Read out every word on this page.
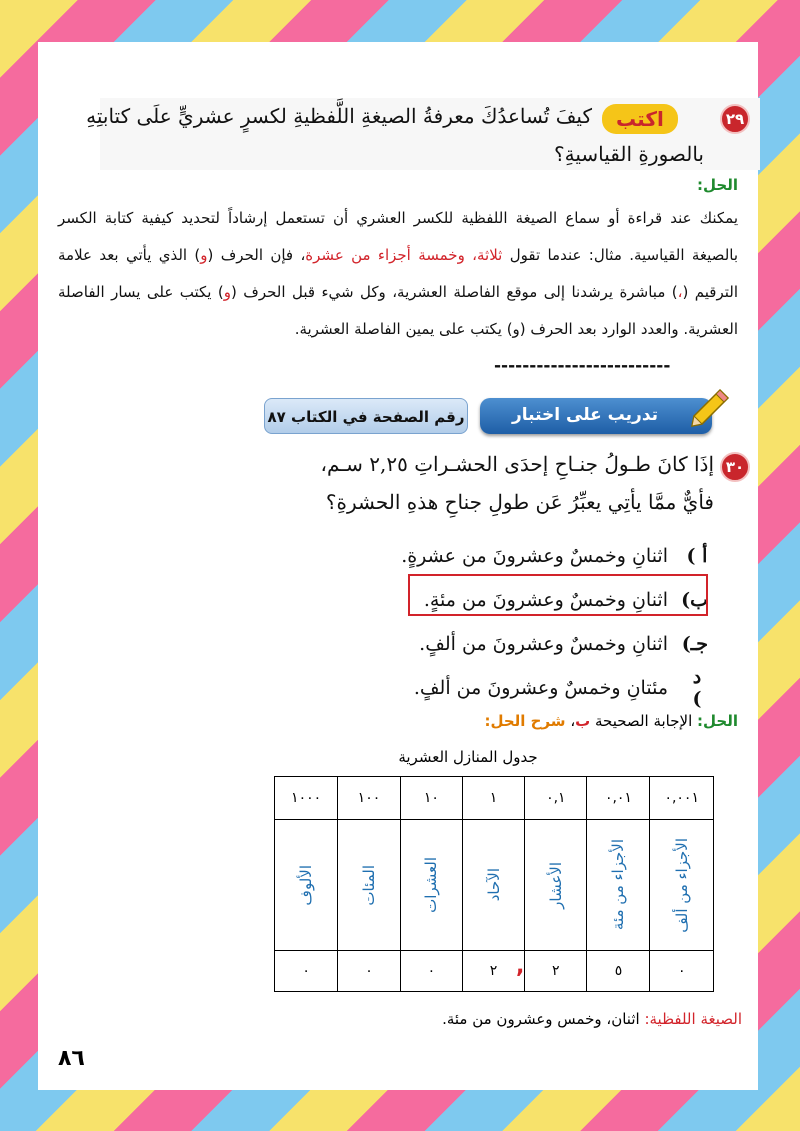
٢٩
اكتب
كيفَ تُساعدُكَ معرفةُ الصيغةِ اللَّفظيةِ لكسرٍ عشريٍّ علَى كتابتِهِ
بالصورةِ القياسيةِ؟
الحل:
يمكنك عند قراءة أو سماع الصيغة اللفظية للكسر العشري أن تستعمل إرشاداً لتحديد كيفية كتابة الكسر بالصيغة القياسية. مثال: عندما تقول ثلاثة، وخمسة أجزاء من عشرة، فإن الحرف (و) الذي يأتي بعد علامة الترقيم (،) مباشرة يرشدنا إلى موقع الفاصلة العشرية، وكل شيء قبل الحرف (و) يكتب على يسار الفاصلة العشرية. والعدد الوارد بعد الحرف (و) يكتب على يمين الفاصلة العشرية.
-------------------------
تدريب على اختبار
رقم الصفحة في الكتاب ٨٧
٣٠
إذَا كانَ طـولُ جنـاحِ إحدَى الحشـراتِ ٢,٢٥ سـم،
فأيٌّ ممَّا يأتِي يعبِّرُ عَن طولِ جناحِ هذهِ الحشرةِ؟
أ )
اثنانِ وخمسٌ وعشرونَ من عشرةٍ.
ب)
اثنانِ وخمسٌ وعشرونَ من مئةٍ.
جـ)
اثنانِ وخمسٌ وعشرونَ من ألفٍ.
د )
مئتانِ وخمسٌ وعشرونَ من ألفٍ.
الحل: الإجابة الصحيحة ب، شرح الحل:
جدول المنازل العشرية
١٠٠٠	١٠٠	١٠	١	٠,١	٠,٠١	٠,٠٠١

الألوف	المئات	العشرات	الآحاد	الأعشار	الأجزاء من مئة	الأجزاء من ألف

٠	٠	٠	٢	٢	٥	٠
,
الصيغة اللفظية: اثنان، وخمس وعشرون من مئة.
٨٦
